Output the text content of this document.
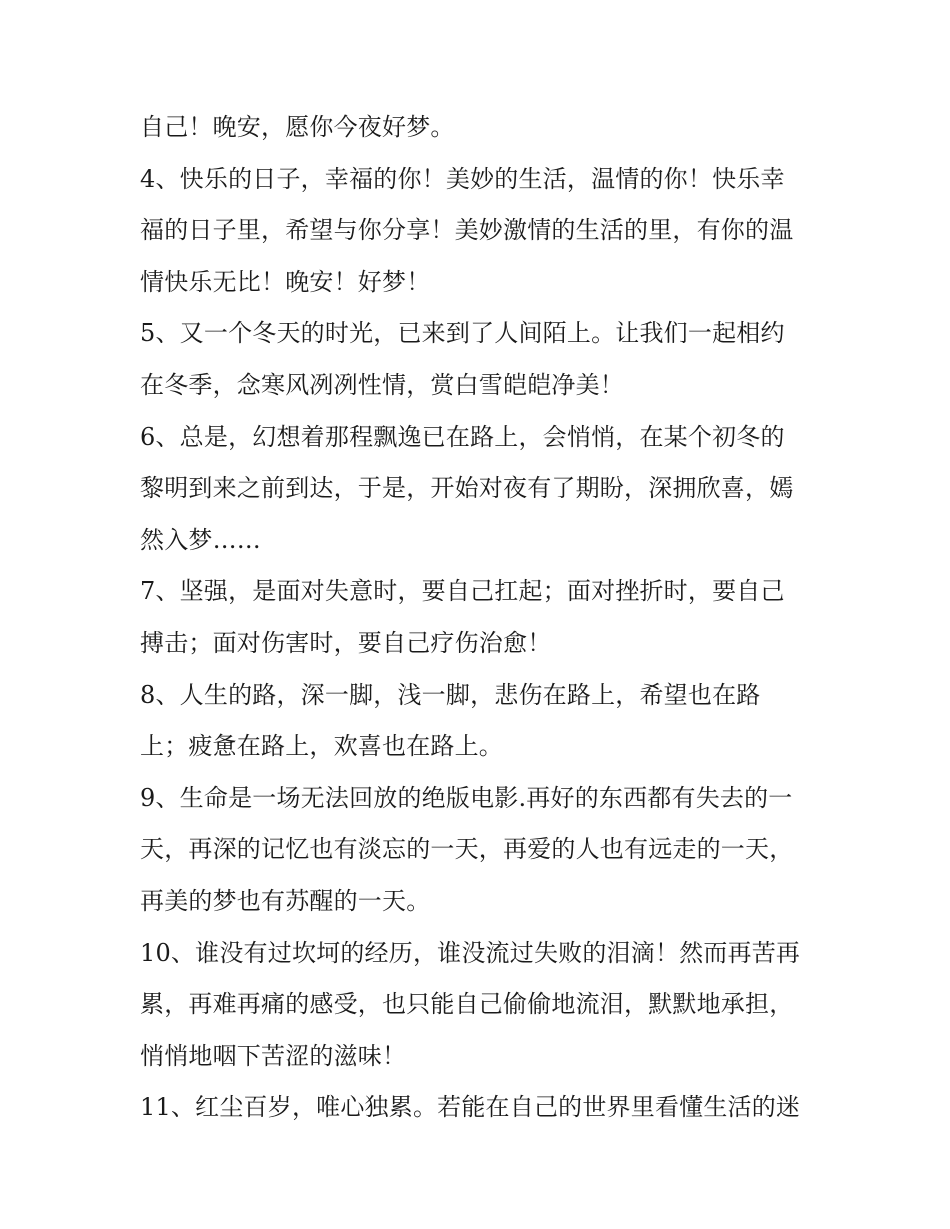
自己！晚安，愿你今夜好梦。
4、快乐的日子，幸福的你！美妙的生活，温情的你！快乐幸
福的日子里，希望与你分享！美妙激情的生活的里，有你的温
情快乐无比！晚安！好梦！
5、又一个冬天的时光，已来到了人间陌上。让我们一起相约
在冬季，念寒风冽冽性情，赏白雪皑皑净美！
6、总是，幻想着那程飘逸已在路上，会悄悄，在某个初冬的
黎明到来之前到达，于是，开始对夜有了期盼，深拥欣喜，嫣
然入梦……
7、坚强，是面对失意时，要自己扛起；面对挫折时，要自己
搏击；面对伤害时，要自己疗伤治愈！
8、人生的路，深一脚，浅一脚，悲伤在路上，希望也在路
上；疲惫在路上，欢喜也在路上。
9、生命是一场无法回放的绝版电影.再好的东西都有失去的一
天，再深的记忆也有淡忘的一天，再爱的人也有远走的一天，
再美的梦也有苏醒的一天。
10、谁没有过坎坷的经历，谁没流过失败的泪滴！然而再苦再
累，再难再痛的感受，也只能自己偷偷地流泪，默默地承担，
悄悄地咽下苦涩的滋味！
11、红尘百岁，唯心独累。若能在自己的世界里看懂生活的迷
